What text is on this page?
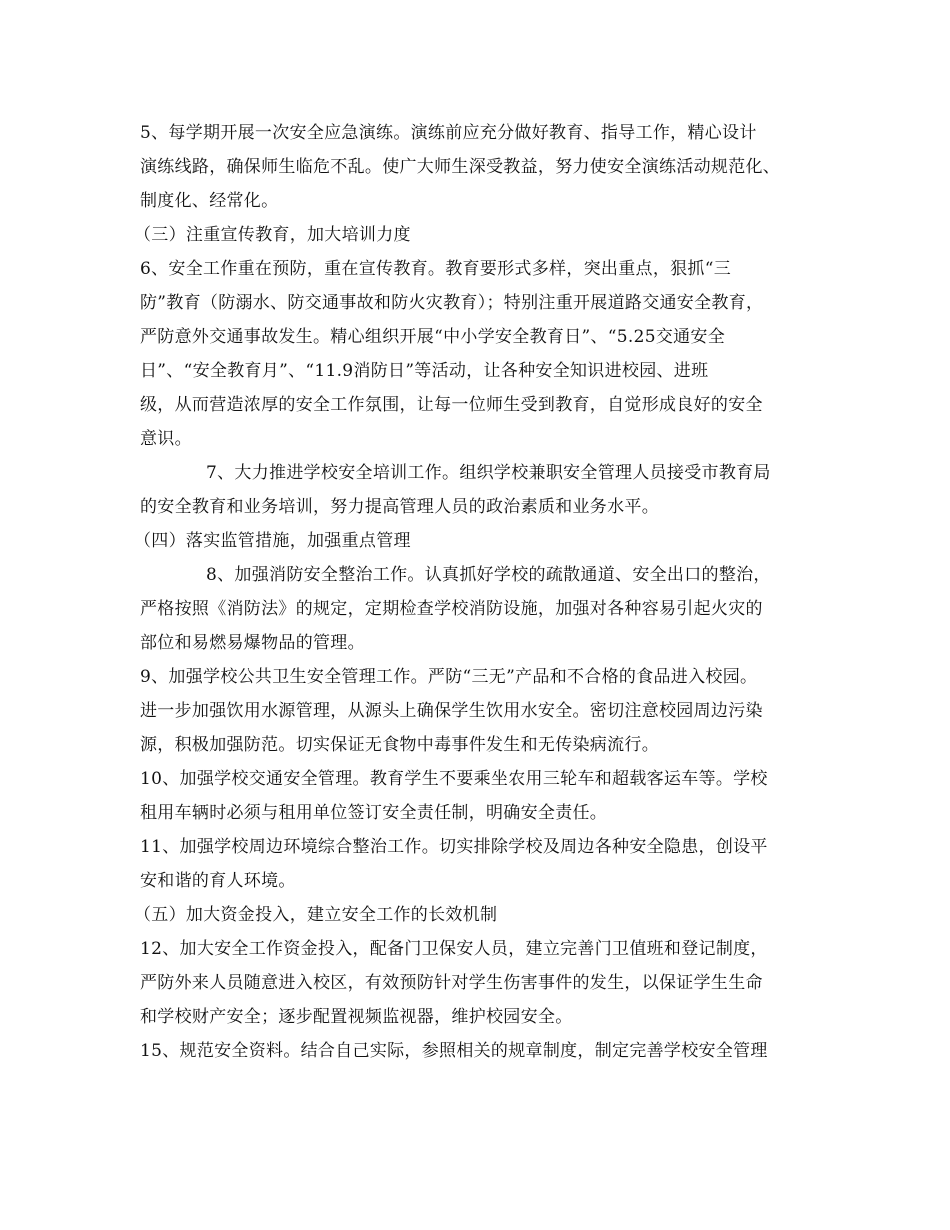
5、每学期开展一次安全应急演练。演练前应充分做好教育、指导工作，精心设计
演练线路，确保师生临危不乱。使广大师生深受教益，努力使安全演练活动规范化、
制度化、经常化。
（三）注重宣传教育，加大培训力度
6、安全工作重在预防，重在宣传教育。教育要形式多样，突出重点，狠抓“三
防”教育（防溺水、防交通事故和防火灾教育）；特别注重开展道路交通安全教育，
严防意外交通事故发生。精心组织开展“中小学安全教育日”、“5.25交通安全
日”、“安全教育月”、“11.9消防日”等活动，让各种安全知识进校园、进班
级，从而营造浓厚的安全工作氛围，让每一位师生受到教育，自觉形成良好的安全
意识。
7、大力推进学校安全培训工作。组织学校兼职安全管理人员接受市教育局
的安全教育和业务培训，努力提高管理人员的政治素质和业务水平。
（四）落实监管措施，加强重点管理
8、加强消防安全整治工作。认真抓好学校的疏散通道、安全出口的整治，
严格按照《消防法》的规定，定期检查学校消防设施，加强对各种容易引起火灾的
部位和易燃易爆物品的管理。
9、加强学校公共卫生安全管理工作。严防“三无”产品和不合格的食品进入校园。
进一步加强饮用水源管理，从源头上确保学生饮用水安全。密切注意校园周边污染
源，积极加强防范。切实保证无食物中毒事件发生和无传染病流行。
10、加强学校交通安全管理。教育学生不要乘坐农用三轮车和超载客运车等。学校
租用车辆时必须与租用单位签订安全责任制，明确安全责任。
11、加强学校周边环境综合整治工作。切实排除学校及周边各种安全隐患，创设平
安和谐的育人环境。
（五）加大资金投入，建立安全工作的长效机制
12、加大安全工作资金投入，配备门卫保安人员，建立完善门卫值班和登记制度，
严防外来人员随意进入校区，有效预防针对学生伤害事件的发生，以保证学生生命
和学校财产安全；逐步配置视频监视器，维护校园安全。
15、规范安全资料。结合自己实际，参照相关的规章制度，制定完善学校安全管理
